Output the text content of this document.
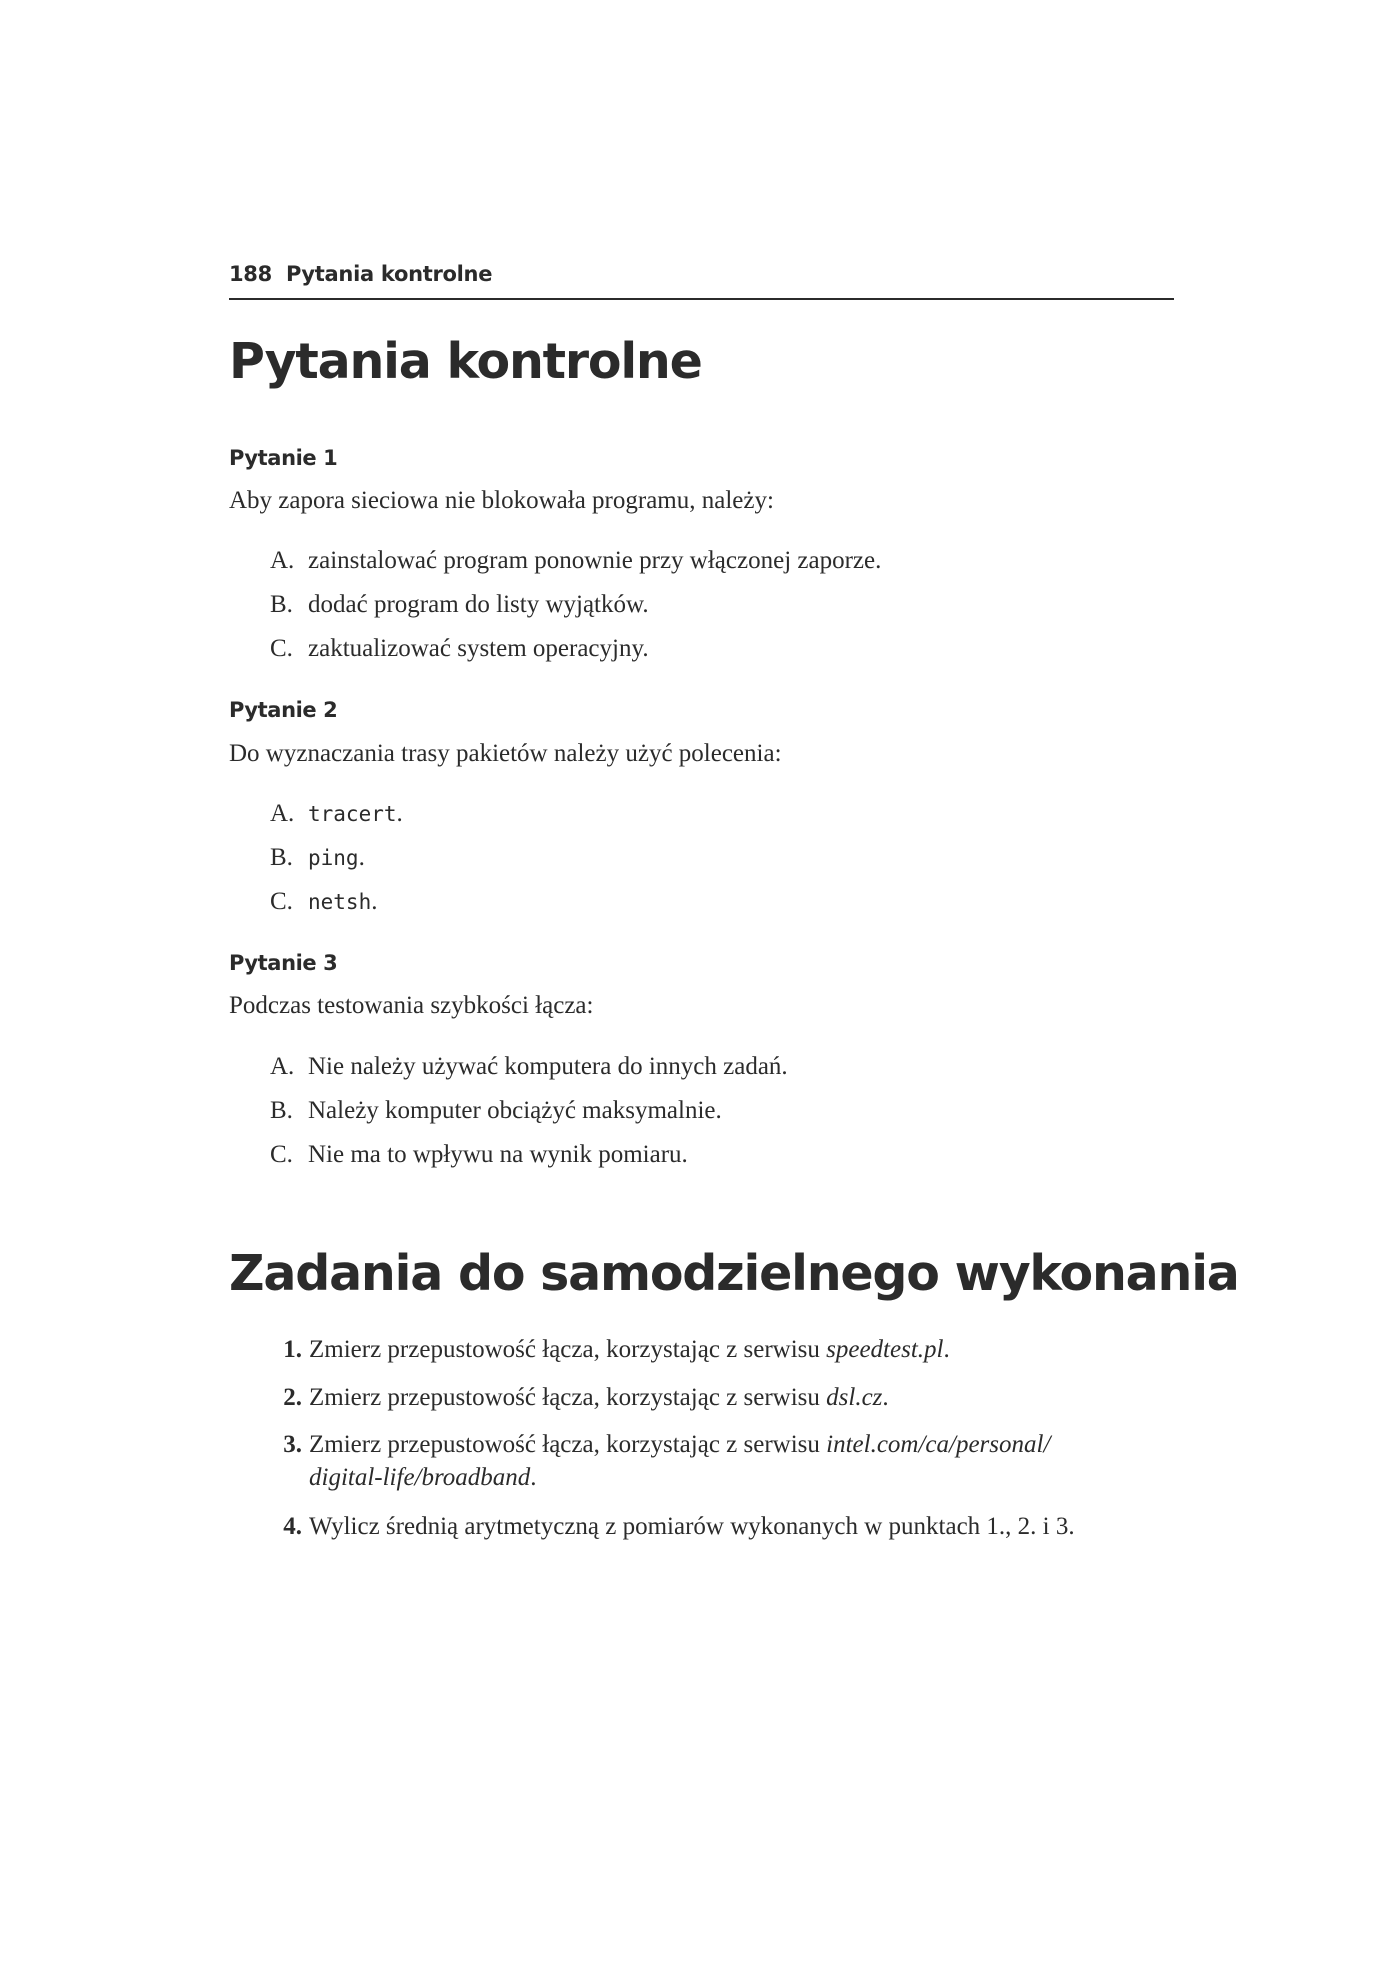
188 Pytania kontrolne
Pytania kontrolne
Pytanie 1
Aby zapora sieciowa nie blokowała programu, należy:
A. zainstalować program ponownie przy włączonej zaporze.
B. dodać program do listy wyjątków.
C. zaktualizować system operacyjny.
Pytanie 2
Do wyznaczania trasy pakietów należy użyć polecenia:
A. tracert.
B. ping.
C. netsh.
Pytanie 3
Podczas testowania szybkości łącza:
A. Nie należy używać komputera do innych zadań.
B. Należy komputer obciążyć maksymalnie.
C. Nie ma to wpływu na wynik pomiaru.
Zadania do samodzielnego wykonania
1. Zmierz przepustowość łącza, korzystając z serwisu speedtest.pl.
2. Zmierz przepustowość łącza, korzystając z serwisu dsl.cz.
3. Zmierz przepustowość łącza, korzystając z serwisu intel.com/ca/personal/
digital-life/broadband.
4. Wylicz średnią arytmetyczną z pomiarów wykonanych w punktach 1., 2. i 3.
